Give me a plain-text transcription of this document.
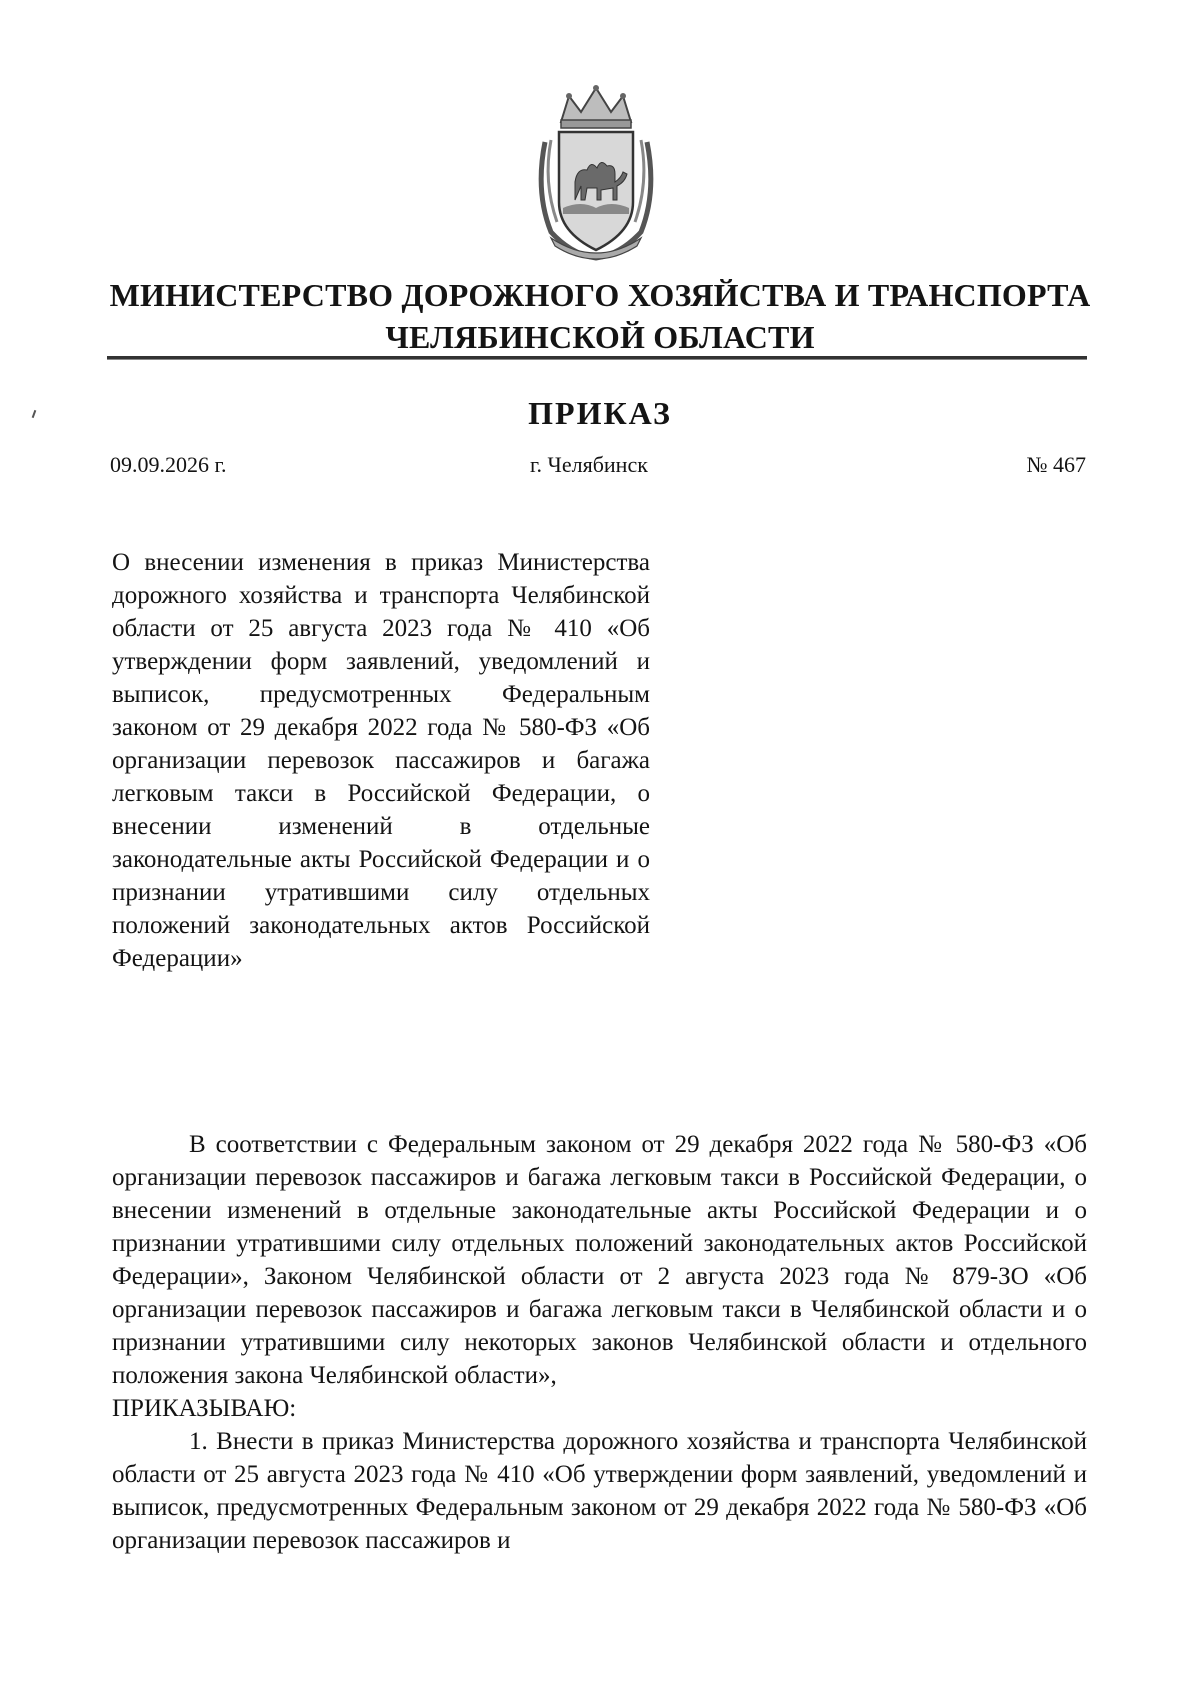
МИНИСТЕРСТВО ДОРОЖНОГО ХОЗЯЙСТВА И ТРАНСПОРТА
ЧЕЛЯБИНСКОЙ ОБЛАСТИ
ПРИКАЗ
09.09.2026 г.	г. Челябинск	№ 467
О внесении изменения в приказ Министерства дорожного хозяйства и транспорта Челябинской области от 25 августа 2023 года № 410 «Об утверждении форм заявлений, уведомлений и выписок, предусмотренных Федеральным законом от 29 декабря 2022 года № 580-ФЗ «Об организации перевозок пассажиров и багажа легковым такси в Российской Федерации, о внесении изменений в отдельные законодательные акты Российской Федерации и о признании утратившими силу отдельных положений законодательных актов Российской Федерации»

В соответствии с Федеральным законом от 29 декабря 2022 года № 580-ФЗ «Об организации перевозок пассажиров и багажа легковым такси в Российской Федерации, о внесении изменений в отдельные законодательные акты Российской Федерации и о признании утратившими силу отдельных положений законодательных актов Российской Федерации», Законом Челябинской области от 2 августа 2023 года № 879-ЗО «Об организации перевозок пассажиров и багажа легковым такси в Челябинской области и о признании утратившими силу некоторых законов Челябинской области и отдельного положения закона Челябинской области»,

ПРИКАЗЫВАЮ:

1. Внести в приказ Министерства дорожного хозяйства и транспорта Челябинской области от 25 августа 2023 года № 410 «Об утверждении форм заявлений, уведомлений и выписок, предусмотренных Федеральным законом от 29 декабря 2022 года № 580-ФЗ «Об организации перевозок пассажиров и
